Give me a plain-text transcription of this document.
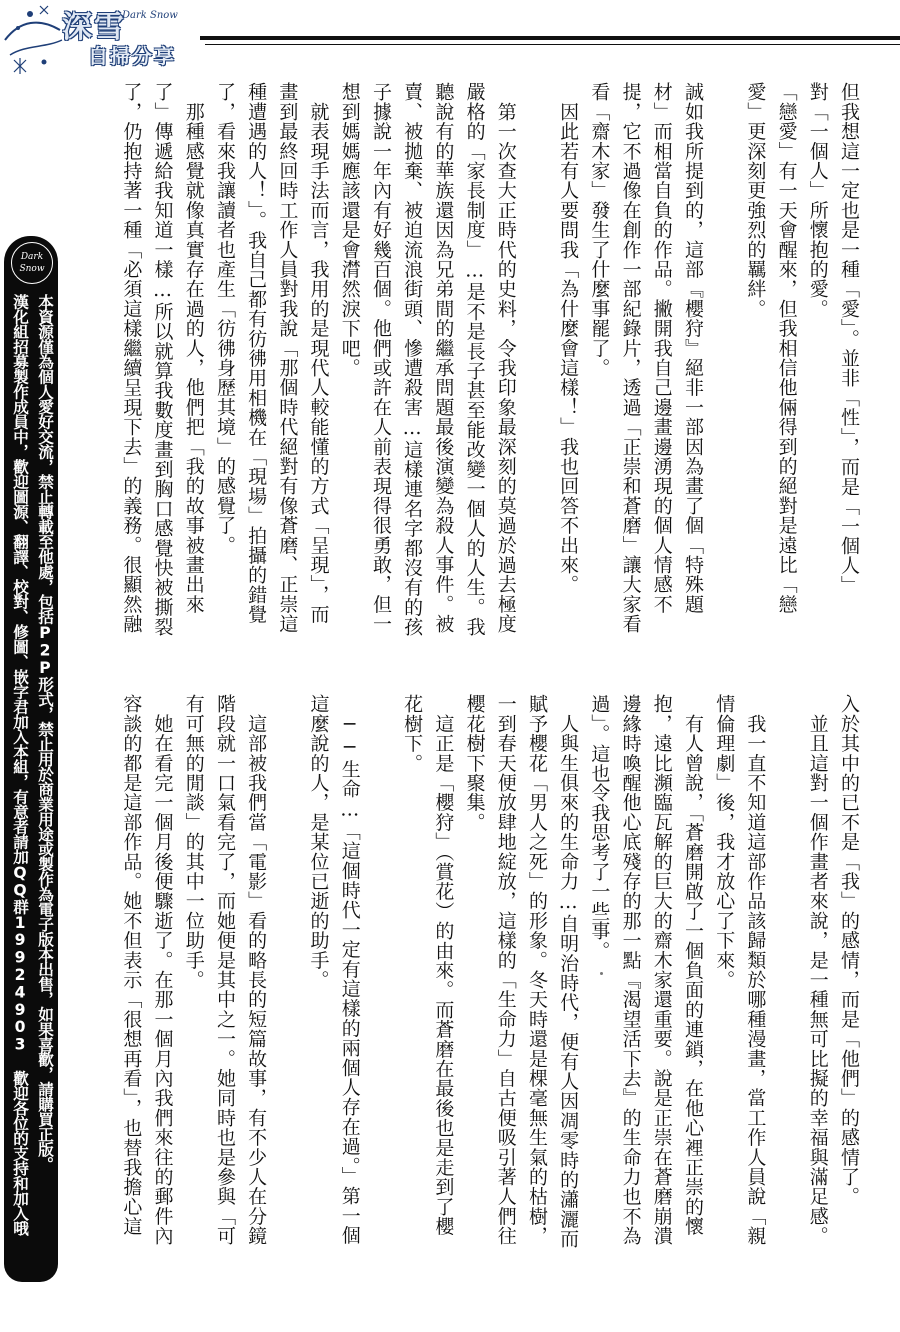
深雪
Dark Snow
自掃分享
Dark
Snow
本資源僅為個人愛好交流，禁止轉載至他處，包括P2P形式，禁止用於商業用途或製作為電子版本出售，如果喜歡，請購買正版。
漢化組招募製作成員中，歡迎圖源、翻譯、校對、修圖、嵌字君加入本組，有意者請加QQ群19924903 歡迎各位的支持和加入哦	但我想這一定也是一種「愛」。並非「性」，而是「一個人」

對「一個人」所懷抱的愛。

「戀愛」有一天會醒來，但我相信他倆得到的絕對是遠比「戀

愛」更深刻更強烈的羈絆。

誠如我所提到的，這部『櫻狩』絕非一部因為畫了個「特殊題

材」而相當自負的作品。撇開我自己邊畫邊湧現的個人情感不

提，它不過像在創作一部紀錄片，透過「正崇和蒼磨」讓大家看

看「齋木家」發生了什麼事罷了。

　因此若有人要問我「為什麼會這樣！」我也回答不出來。

　第一次查大正時代的史料，令我印象最深刻的莫過於過去極度

嚴格的「家長制度」…是不是長子甚至能改變一個人的人生。我

聽說有的華族還因為兄弟間的繼承問題最後演變為殺人事件。被

賣、被拋棄、被迫流浪街頭、慘遭殺害…這樣連名字都沒有的孩

子據說一年內有好幾百個。他們或許在人前表現得很勇敢，但一

想到媽媽應該還是會潸然淚下吧。

　就表現手法而言，我用的是現代人較能懂的方式「呈現」，而

畫到最終回時工作人員對我說「那個時代絕對有像蒼磨、正崇這

種遭遇的人！」。我自己都有彷彿用相機在「現場」拍攝的錯覺

了，看來我讓讀者也產生「彷彿身歷其境」的感覺了。

　那種感覺就像真實存在過的人，他們把「我的故事被畫出來

了」傳遞給我知道一樣…所以就算我數度畫到胸口感覺快被撕裂

了，仍抱持著一種「必須這樣繼續呈現下去」的義務。很顯然融

入於其中的已不是「我」的感情，而是「他們」的感情了。

　並且這對一個作畫者來說，是一種無可比擬的幸福與滿足感。

　我一直不知道這部作品該歸類於哪種漫畫，當工作人員說「親

情倫理劇」後，我才放心了下來。

　有人曾說，「蒼磨開啟了一個負面的連鎖，在他心裡正崇的懷

抱，遠比瀕臨瓦解的巨大的齋木家還重要。說是正崇在蒼磨崩潰

邊緣時喚醒他心底殘存的那一點『渴望活下去』的生命力也不為

過」。這也令我思考了一些事。

　人與生俱來的生命力…自明治時代，便有人因凋零時的瀟灑而

賦予櫻花「男人之死」的形象。冬天時還是棵毫無生氣的枯樹，

一到春天便放肆地綻放，這樣的「生命力」自古便吸引著人們往

櫻花樹下聚集。

　這正是「櫻狩」（賞花）的由來。而蒼磨在最後也是走到了櫻

花樹下。

　──生命…「這個時代一定有這樣的兩個人存在過。」第一個

這麼說的人，是某位已逝的助手。

　這部被我們當「電影」看的略長的短篇故事，有不少人在分鏡

階段就一口氣看完了，而她便是其中之一。她同時也是參與「可

有可無的閒談」的其中一位助手。

　她在看完一個月後便驟逝了。在那一個月內我們來往的郵件內

容談的都是這部作品。她不但表示「很想再看」，也替我擔心這
